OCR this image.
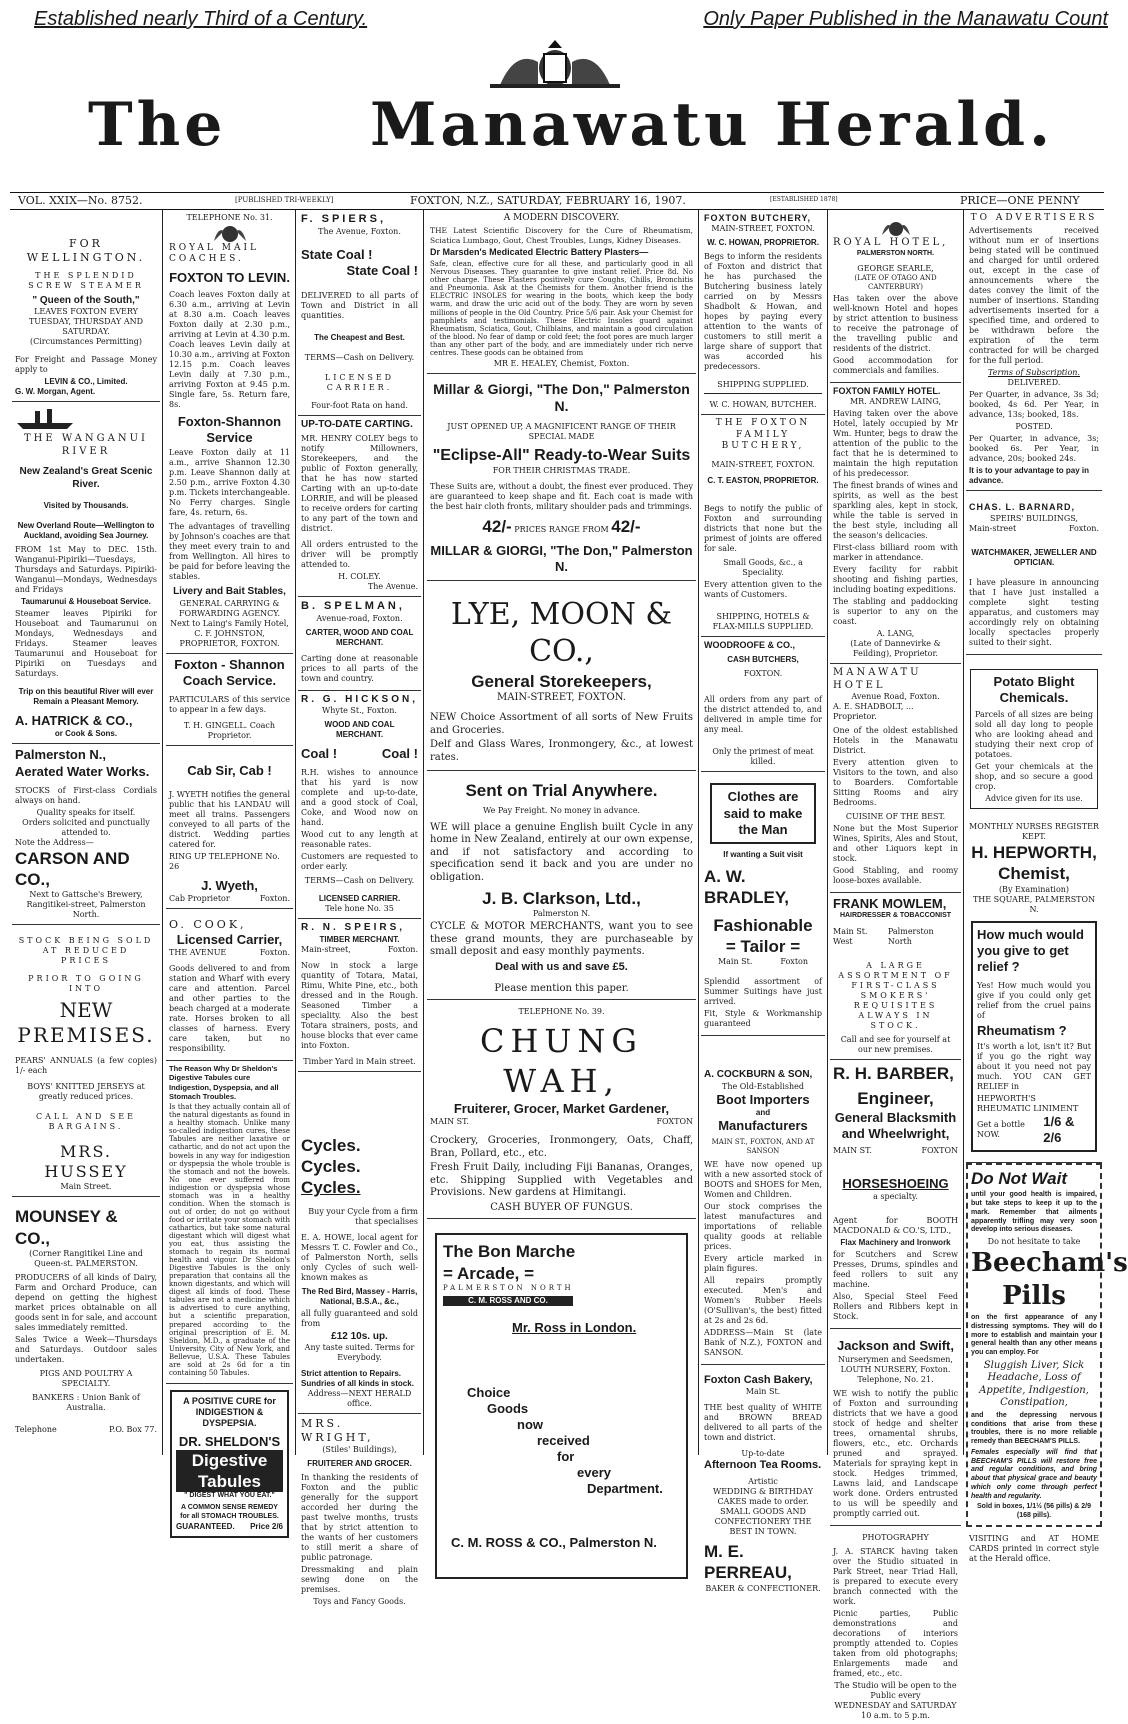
Established nearly Third of a Century.	Only Paper Published in the Manawatu Count
The Manawatu Herald.
VOL. XXIX—No. 8752.	[PUBLISHED TRI-WEEKLY]	FOXTON, N.Z., SATURDAY, FEBRUARY 16, 1907.	[ESTABLISHED 1878]	PRICE—ONE PENNY
FOR WELLINGTON.
THE SPLENDID SCREW STEAMER
" Queen of the South,"
LEAVES FOXTON EVERY TUESDAY, THURSDAY AND SATURDAY.
(Circumstances Permitting)
For Freight and Passage Money apply to
LEVIN & CO., Limited.
G. W. Morgan, Agent.
THE WANGANUI RIVER
New Zealand's Great Scenic River.
Visited by Thousands.
New Overland Route—Wellington to Auckland, avoiding Sea Journey.
FROM 1st May to DEC. 15th. Wanganui-Pipiriki—Tuesdays, Thursdays and Saturdays. Pipiriki-Wanganui—Mondays, Wednesdays and Fridays
Taumarunui & Houseboat Service.
Steamer leaves Pipiriki for Houseboat and Taumarunui on Mondays, Wednesdays and Fridays. Steamer leaves Taumarunui and Houseboat for Pipiriki on Tuesdays and Saturdays.
Trip on this beautiful River will ever Remain a Pleasant Memory.
A. HATRICK & CO.,
or Cook & Sons.
Palmerston N., Aerated Water Works.
STOCKS of First-class Cordials always on hand.
Quality speaks for itself.
Orders solicited and punctually attended to.
Note the Address—
CARSON AND CO.,
Next to Gattsche's Brewery, Rangitikei-street, Palmerston North.
STOCK BEING SOLD AT REDUCED PRICES
PRIOR TO GOING INTO
NEW
PREMISES.
PEARS' ANNUALS (a few copies) 1/- each
BOYS' KNITTED JERSEYS at greatly reduced prices.
CALL AND SEE BARGAINS.
MRS. HUSSEY
Main Street.
MOUNSEY & CO.,
(Corner Rangitikei Line and Queen-st. PALMERSTON.
PRODUCERS of all kinds of Dairy, Farm and Orchard Produce, can depend on getting the highest market prices obtainable on all goods sent in for sale, and account sales immediately remitted.
Sales Twice a Week—Thursdays and Saturdays. Outdoor sales undertaken.
PIGS AND POULTRY A SPECIALTY.
BANKERS : Union Bank of Australia.
Telephone	P.O. Box 77.
TELEPHONE No. 31.
ROYAL MAIL COACHES.
FOXTON TO LEVIN.
Coach leaves Foxton daily at 6.30 a.m., arriving at Levin at 8.30 a.m. Coach leaves Foxton daily at 2.30 p.m., arriving at Levin at 4.30 p.m. Coach leaves Levin daily at 10.30 a.m., arriving at Foxton 12.15 p.m. Coach leaves Levin daily at 7.30 p.m., arriving Foxton at 9.45 p.m. Single fare, 5s. Return fare, 8s.
Foxton-Shannon Service
Leave Foxton daily at 11 a.m., arrive Shannon 12.30 p.m. Leave Shannon daily at 2.50 p.m., arrive Foxton 4.30 p.m. Tickets interchangeable. No Ferry charges. Single fare, 4s. return, 6s.
The advantages of travelling by Johnson's coaches are that they meet every train to and from Wellington. All hires to be paid for before leaving the stables.
Livery and Bait Stables,
GENERAL CARRYING & FORWARDING AGENCY.
Next to Laing's Family Hotel,
C. F. JOHNSTON, PROPRIETOR, FOXTON.
Foxton - Shannon Coach Service.
PARTICULARS of this service to appear in a few days.
T. H. GINGELL. Coach Proprietor.
Cab Sir, Cab !
J. WYETH notifies the general public that his LANDAU will meet all trains. Passengers conveyed to all parts of the district. Wedding parties catered for.
RING UP TELEPHONE No. 26
J. Wyeth,
Cab Proprietor	Foxton.
O. COOK,
Licensed Carrier,
THE AVENUE	Foxton.
Goods delivered to and from station and Wharf with every care and attention. Parcel and other parties to the beach charged at a moderate rate. Horses broken to all classes of harness. Every care taken, but no responsibility.
The Reason Why Dr Sheldon's Digestive Tabules cure Indigestion, Dyspepsia, and all Stomach Troubles.
Is that they actually contain all of the natural digestants as found in a healthy stomach. Unlike many so-called indigestion cures, these Tabules are neither laxative or cathartic, and do not act upon the bowels in any way for indigestion or dyspepsia the whole trouble is the stomach and not the bowels. No one ever suffered from indigestion or dyspepsia whose stomach was in a healthy condition. When the stomach is out of order, do not go without food or irritate your stomach with cathartics, but take some natural digestant which will digest what you eat, thus assisting the stomach to regain its normal health and vigour. Dr Sheldon's Digestive Tabules is the only preparation that contains all the known digestants, and which will digest all kinds of food. These tabules are not a medicine which is advertised to cure anything, but a scientific preparation, prepared according to the original prescription of E. M. Sheldon, M.D., a graduate of the University, City of New York, and Bellevue, U.S.A. These Tabules are sold at 2s 6d for a tin containing 50 Tabules.
A POSITIVE CURE for INDIGESTION & DYSPEPSIA.
DR. SHELDON'S
Digestive Tabules
" DIGEST WHAT YOU EAT."
A COMMON SENSE REMEDY for all STOMACH TROUBLES.
GUARANTEED. Price 2/6
F. SPIERS,
The Avenue, Foxton.
State Coal !
State Coal !
DELIVERED to all parts of Town and District in all quantities.
The Cheapest and Best.
TERMS—Cash on Delivery.
LICENSED CARRIER.
Four-foot Rata on hand.
UP-TO-DATE CARTING.
MR. HENRY COLEY begs to notify Millowners, Storekeepers, and the public of Foxton generally, that he has now started Carting with an up-to-date LORRIE, and will be pleased to receive orders for carting to any part of the town and district.
All orders entrusted to the driver will be promptly attended to.
H. COLEY.
The Avenue.
B. SPELMAN,
Avenue-road, Foxton.
CARTER, WOOD AND COAL MERCHANT.
Carting done at reasonable prices to all parts of the town and country.
R. G. HICKSON,
Whyte St., Foxton.
WOOD AND COAL MERCHANT.
Coal !	Coal !
R.H. wishes to announce that his yard is now complete and up-to-date, and a good stock of Coal, Coke, and Wood now on hand.
Wood cut to any length at reasonable rates.
Customers are requested to order early.
TERMS—Cash on Delivery.
LICENSED CARRIER.
Tele hone No. 35
R. N. SPEIRS,
TIMBER MERCHANT.
Main-street,	Foxton.
Now in stock a large quantity of Totara, Matai, Rimu, White Pine, etc., both dressed and in the Rough. Seasoned Timber a speciality. Also the best Totara strainers, posts, and house blocks that ever came into Foxton.
Timber Yard in Main street.
Cycles.
Cycles.
Cycles.
Buy your Cycle from a firm that specialises
E. A. HOWE, local agent for Messrs T. C. Fowler and Co., of Palmerston North, sells only Cycles of such well-known makes as
The Red Bird, Massey - Harris, National, B.S.A., &c.,
all fully guaranteed and sold from
£12 10s. up.
Any taste suited. Terms for Everybody.
Strict attention to Repairs.
Sundries of all kinds in stock.
Address—NEXT HERALD office.
MRS. WRIGHT,
(Stiles' Buildings),
FRUITERER AND GROCER.
In thanking the residents of Foxton and the public generally for the support accorded her during the past twelve months, trusts that by strict attention to the wants of her customers to still merit a share of public patronage.
Dressmaking and plain sewing done on the premises.
Toys and Fancy Goods.
A MODERN DISCOVERY.
THE Latest Scientific Discovery for the Cure of Rheumatism, Sciatica Lumbago, Gout, Chest Troubles, Lungs, Kidney Diseases.
Dr Marsden's Medicated Electric Battery Plasters—
Safe, clean, effective cure for all these, and particularly good in all Nervous Diseases. They guarantee to give instant relief. Price 8d. No other charge. These Plasters positively cure Coughs, Chills, Bronchitis and Pneumonia. Ask at the Chemists for them. Another friend is the ELECTRIC INSOLES for wearing in the boots, which keep the body warm, and draw the uric acid out of the body. They are worn by seven millions of people in the Old Country. Price 5/6 pair. Ask your Chemist for pamphlets and testimonials. These Electric Insoles guard against Rheumatism, Sciatica, Gout, Chilblains, and maintain a good circulation of the blood. No fear of damp or cold feet; the foot pores are much larger than any other part of the body, and are immediately under rich nerve centres. These goods can be obtained from
MR E. HEALEY, Chemist, Foxton.
Millar & Giorgi, "The Don," Palmerston N.
JUST OPENED UP, A MAGNIFICENT RANGE OF THEIR SPECIAL MADE
"Eclipse-All" Ready-to-Wear Suits
FOR THEIR CHRISTMAS TRADE.
These Suits are, without a doubt, the finest ever produced. They are guaranteed to keep shape and fit. Each coat is made with the best hair cloth fronts, military shoulder pads and trimmings.
42/- PRICES RANGE FROM 42/-
MILLAR & GIORGI, "The Don," Palmerston N.
LYE, MOON & CO.,
General Storekeepers,
MAIN-STREET, FOXTON.
NEW Choice Assortment of all sorts of New Fruits and Groceries.
Delf and Glass Wares, Ironmongery, &c., at lowest rates.
Sent on Trial Anywhere.
We Pay Freight. No money in advance.
WE will place a genuine English built Cycle in any home in New Zealand, entirely at our own expense, and if not satisfactory and according to specification send it back and you are under no obligation.
J. B. Clarkson, Ltd.,
Palmerston N.
CYCLE & MOTOR MERCHANTS, want you to see these grand mounts, they are purchaseable by small deposit and easy monthly payments.
Deal with us and save £5.
Please mention this paper.
TELEPHONE No. 39.
CHUNG WAH,
Fruiterer, Grocer, Market Gardener,
MAIN ST.	FOXTON
Crockery, Groceries, Ironmongery, Oats, Chaff, Bran, Pollard, etc., etc.
Fresh Fruit Daily, including Fiji Bananas, Oranges, etc. Shipping Supplied with Vegetables and Provisions. New gardens at Himitangi.
CASH BUYER OF FUNGUS.
The Bon Marche
= Arcade, =
PALMERSTON NORTH
C. M. ROSS AND CO.
Mr. Ross in London.
Choice
Goods
now
received
for
every
Department.
C. M. ROSS & CO., Palmerston N.
FOXTON BUTCHERY,
MAIN-STREET, FOXTON.
W. C. HOWAN, PROPRIETOR.
Begs to inform the residents of Foxton and district that he has purchased the Butchering business lately carried on by Messrs Shadbolt & Howan, and hopes by paying every attention to the wants of customers to still merit a large share of support that was accorded his predecessors.
SHIPPING SUPPLIED.
W. C. HOWAN, BUTCHER.
THE FOXTON FAMILY BUTCHERY,
MAIN-STREET, FOXTON.
C. T. EASTON, PROPRIETOR.
Begs to notify the public of Foxton and surrounding districts that none but the primest of joints are offered for sale.
Small Goods, &c., a Speciality.
Every attention given to the wants of Customers.
SHIPPING, HOTELS & FLAX-MILLS SUPPLIED.
WOODROOFE & CO.,
CASH BUTCHERS,
FOXTON.
All orders from any part of the district attended to, and delivered in ample time for any meal.
Only the primest of meat killed.
Clothes are said to make the Man
If wanting a Suit visit
A. W. BRADLEY,
Fashionable
= Tailor =
Main St.	Foxton
Splendid assortment of Summer Suitings have just arrived.
Fit, Style & Workmanship guaranteed
A. COCKBURN & SON,
The Old-Established
Boot Importers
and
Manufacturers
MAIN ST., FOXTON, AND AT SANSON
WE have now opened up with a new assorted stock of BOOTS and SHOES for Men, Women and Children.
Our stock comprises the latest manufactures and importations of reliable quality goods at reliable prices.
Every article marked in plain figures.
All repairs promptly executed. Men's and Women's Rubber Heels (O'Sullivan's, the best) fitted at 2s and 2s 6d.
ADDRESS—Main St (late Bank of N.Z.), FOXTON and SANSON.
Foxton Cash Bakery,
Main St.
THE best quality of WHITE and BROWN BREAD delivered to all parts of the town and district.
Up-to-date
Afternoon Tea Rooms.
Artistic
WEDDING & BIRTHDAY CAKES made to order.
SMALL GOODS AND CONFECTIONERY THE BEST IN TOWN.
M. E. PERREAU,
BAKER & CONFECTIONER.
ROYAL HOTEL,
PALMERSTON NORTH.
GEORGE SEARLE,
(LATE OF OTAGO AND CANTERBURY)
Has taken over the above well-known Hotel and hopes by strict attention to business to receive the patronage of the travelling public and residents of the district.
Good accommodation for commercials and families.
FOXTON FAMILY HOTEL.
MR. ANDREW LAING,
Having taken over the above Hotel, lately occupied by Mr Wm. Hunter, begs to draw the attention of the public to the fact that he is determined to maintain the high reputation of his predecessor.
The finest brands of wines and spirits, as well as the best sparkling ales, kept in stock, while the table is served in the best style, including all the season's delicacies.
First-class billiard room with marker in attendance.
Every facility for rabbit shooting and fishing parties, including boating expeditions.
The stabling and paddocking is superior to any on the coast.
A. LANG,
(Late of Dannevirke & Feilding), Proprietor.
MANAWATU HOTEL
Avenue Road, Foxton.
A. E. SHADBOLT, ... Proprietor.
One of the oldest established Hotels in the Manawatu District.
Every attention given to Visitors to the town, and also to Boarders. Comfortable Sitting Rooms and airy Bedrooms.
CUISINE OF THE BEST.
None but the Most Superior Wines, Spirits, Ales and Stout, and other Liquors kept in stock.
Good Stabling, and roomy loose-boxes available.
FRANK MOWLEM,
HAIRDRESSER & TOBACCONIST
Main St. West
Palmerston North
A LARGE ASSORTMENT OF FIRST-CLASS SMOKERS' REQUISITES ALWAYS IN STOCK.
Call and see for yourself at our new premises.
R. H. BARBER,
Engineer,
General Blacksmith and Wheelwright,
MAIN ST.	FOXTON
HORSESHOEING
a specialty.
Agent for BOOTH MACDONALD & CO.'S, LTD.,
Flax Machinery and Ironwork
for Scutchers and Screw Presses, Drums, spindles and feed rollers to suit any machine.
Also, Special Steel Feed Rollers and Ribbers kept in Stock.
Jackson and Swift,
Nurserymen and Seedsmen,
LOUTH NURSERY, Foxton. Telephone, No. 21.
WE wish to notify the public of Foxton and surrounding districts that we have a good stock of hedge and shelter trees, ornamental shrubs, flowers, etc., etc. Orchards pruned and sprayed. Materials for spraying kept in stock. Hedges trimmed, Lawns laid, and Landscape work done. Orders entrusted to us will be speedily and promptly carried out.
PHOTOGRAPHY
J. A. STARCK having taken over the Studio situated in Park Street, near Triad Hall, is prepared to execute every branch connected with the work.
Picnic parties, Public demonstrations and decorations of interiors promptly attended to. Copies taken from old photographs; Enlargements made and framed, etc., etc.
The Studio will be open to the Public every
WEDNESDAY and SATURDAY
10 a.m. to 5 p.m.
TO ADVERTISERS
Advertisements received without num er of insertions being stated will be continued and charged for until ordered out, except in the case of announcements where the dates convey the limit of the number of insertions. Standing advertisements inserted for a specified time, and ordered to be withdrawn before the expiration of the term contracted for will be charged for the full period.
Terms of Subscription.
DELIVERED.
Per Quarter, in advance, 3s 3d; booked, 4s 6d. Per Year, in advance, 13s; booked, 18s.
POSTED.
Per Quarter, in advance, 3s; booked 6s. Per Year, in advance, 20s; booked 24s.
It is to your advantage to pay in advance.
CHAS. L. BARNARD,
SPEIRS' BUILDINGS,
Main-street	Foxton.
WATCHMAKER, JEWELLER AND OPTICIAN.
I have pleasure in announcing that I have just installed a complete sight testing apparatus, and customers may accordingly rely on obtaining locally spectacles properly suited to their sight.
Potato Blight Chemicals.
Parcels of all sizes are being sold all day long to people who are looking ahead and studying their next crop of potatoes.
Get your chemicals at the shop, and so secure a good crop.
Advice given for its use.
MONTHLY NURSES REGISTER KEPT.
H. HEPWORTH,
Chemist,
(By Examination)
THE SQUARE, PALMERSTON N.
How much would you give to get relief ?
Yes! How much would you give if you could only get relief from the cruel pains of
Rheumatism ?
It's worth a lot, isn't it? But if you go the right way about it you need not pay much. YOU CAN GET RELIEF in
HEPWORTH'S RHEUMATIC LINIMENT
Get a bottle NOW.
1/6 & 2/6
Do Not Wait
until your good health is impaired, but take steps to keep it up to the mark. Remember that ailments apparently trifling may very soon develop into serious diseases.
Do not hesitate to take
Beecham's
Pills
on the first appearance of any distressing symptoms. They will do more to establish and maintain your general health than any other means you can employ. For
Sluggish Liver, Sick Headache, Loss of Appetite, Indigestion, Constipation,
and the depressing nervous conditions that arise from these troubles, there is no more reliable remedy than BEECHAM'S PILLS.
Females especially will find that BEECHAM'S PILLS will restore free and regular conditions, and bring about that physical grace and beauty which only come through perfect health and regularity.
Sold in boxes, 1/1½ (56 pills) & 2/9 (168 pills).
VISITING and AT HOME CARDS printed in correct style at the Herald office.
